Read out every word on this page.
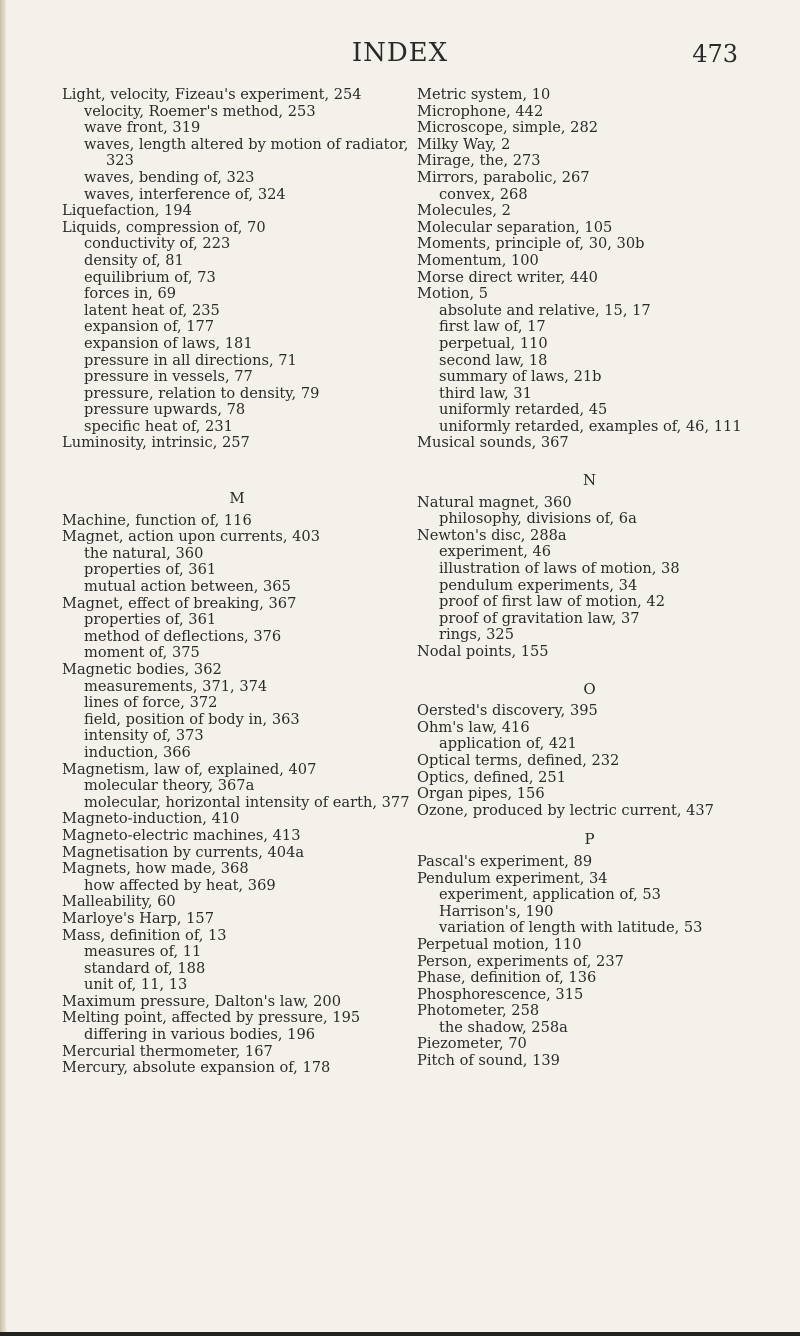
INDEX	473
Light, velocity, Fizeau's experiment, 254
velocity, Roemer's method, 253
wave front, 319
waves, length altered by motion of radiator, 323
waves, bending of, 323
waves, interference of, 324
Liquefaction, 194
Liquids, compression of, 70
conductivity of, 223
density of, 81
equilibrium of, 73
forces in, 69
latent heat of, 235
expansion of, 177
expansion of laws, 181
pressure in all directions, 71
pressure in vessels, 77
pressure, relation to density, 79
pressure upwards, 78
specific heat of, 231
Luminosity, intrinsic, 257
M
Machine, function of, 116
Magnet, action upon currents, 403
the natural, 360
properties of, 361
mutual action between, 365
Magnet, effect of breaking, 367
properties of, 361
method of deflections, 376
moment of, 375
Magnetic bodies, 362
measurements, 371, 374
lines of force, 372
field, position of body in, 363
intensity of, 373
induction, 366
Magnetism, law of, explained, 407
molecular theory, 367a
molecular, horizontal intensity of earth, 377
Magneto-induction, 410
Magneto-electric machines, 413
Magnetisation by currents, 404a
Magnets, how made, 368
how affected by heat, 369
Malleability, 60
Marloye's Harp, 157
Mass, definition of, 13
measures of, 11
standard of, 188
unit of, 11, 13
Maximum pressure, Dalton's law, 200
Melting point, affected by pressure, 195
differing in various bodies, 196
Mercurial thermometer, 167
Mercury, absolute expansion of, 178
Metric system, 10
Microphone, 442
Microscope, simple, 282
Milky Way, 2
Mirage, the, 273
Mirrors, parabolic, 267
convex, 268
Molecules, 2
Molecular separation, 105
Moments, principle of, 30, 30b
Momentum, 100
Morse direct writer, 440
Motion, 5
absolute and relative, 15, 17
first law of, 17
perpetual, 110
second law, 18
summary of laws, 21b
third law, 31
uniformly retarded, 45
uniformly retarded, examples of, 46, 111
Musical sounds, 367
N
Natural magnet, 360
philosophy, divisions of, 6a
Newton's disc, 288a
experiment, 46
illustration of laws of motion, 38
pendulum experiments, 34
proof of first law of motion, 42
proof of gravitation law, 37
rings, 325
Nodal points, 155
O
Oersted's discovery, 395
Ohm's law, 416
application of, 421
Optical terms, defined, 232
Optics, defined, 251
Organ pipes, 156
Ozone, produced by lectric current, 437
P
Pascal's experiment, 89
Pendulum experiment, 34
experiment, application of, 53
Harrison's, 190
variation of length with latitude, 53
Perpetual motion, 110
Person, experiments of, 237
Phase, definition of, 136
Phosphorescence, 315
Photometer, 258
the shadow, 258a
Piezometer, 70
Pitch of sound, 139
